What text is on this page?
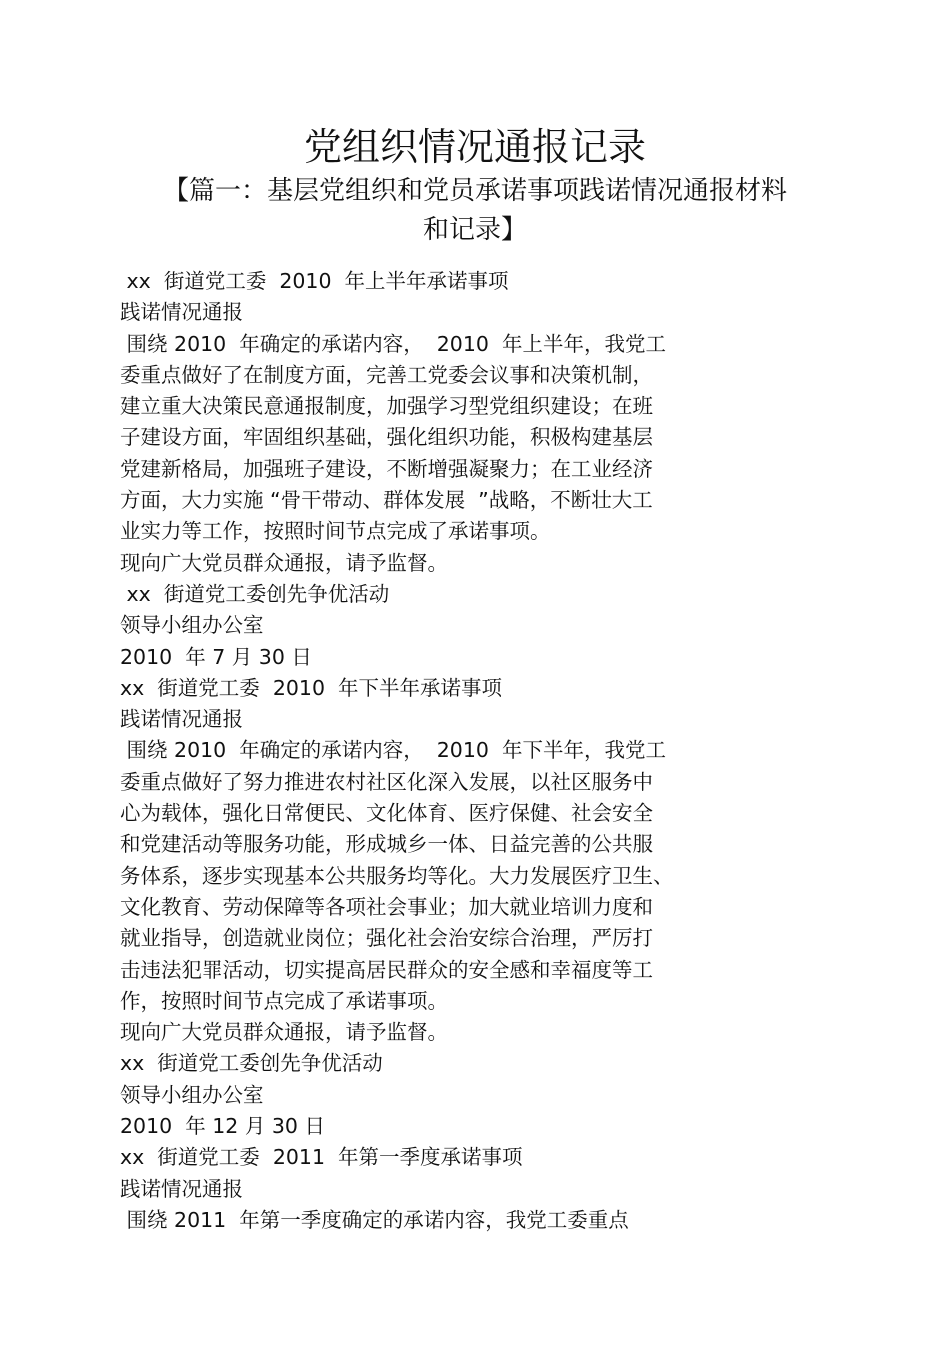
党组织情况通报记录
【篇一：基层党组织和党员承诺事项践诺情况通报材料
和记录】
xx  街道党工委  2010  年上半年承诺事项
践诺情况通报
围绕 2010  年确定的承诺内容，  2010  年上半年，我党工
委重点做好了在制度方面，完善工党委会议事和决策机制，
建立重大决策民意通报制度，加强学习型党组织建设；在班
子建设方面，牢固组织基础，强化组织功能，积极构建基层
党建新格局，加强班子建设，不断增强凝聚力；在工业经济
方面，大力实施 “骨干带动、群体发展  ”战略，不断壮大工
业实力等工作，按照时间节点完成了承诺事项。
现向广大党员群众通报，请予监督。
xx  街道党工委创先争优活动
领导小组办公室
2010  年 7 月 30 日
xx  街道党工委  2010  年下半年承诺事项
践诺情况通报
围绕 2010  年确定的承诺内容，  2010  年下半年，我党工
委重点做好了努力推进农村社区化深入发展，以社区服务中
心为载体，强化日常便民、文化体育、医疗保健、社会安全
和党建活动等服务功能，形成城乡一体、日益完善的公共服
务体系，逐步实现基本公共服务均等化。大力发展医疗卫生、
文化教育、劳动保障等各项社会事业；加大就业培训力度和
就业指导，创造就业岗位；强化社会治安综合治理，严厉打
击违法犯罪活动，切实提高居民群众的安全感和幸福度等工
作，按照时间节点完成了承诺事项。
现向广大党员群众通报，请予监督。
xx  街道党工委创先争优活动
领导小组办公室
2010  年 12 月 30 日
xx  街道党工委  2011  年第一季度承诺事项
践诺情况通报
围绕 2011  年第一季度确定的承诺内容，我党工委重点
